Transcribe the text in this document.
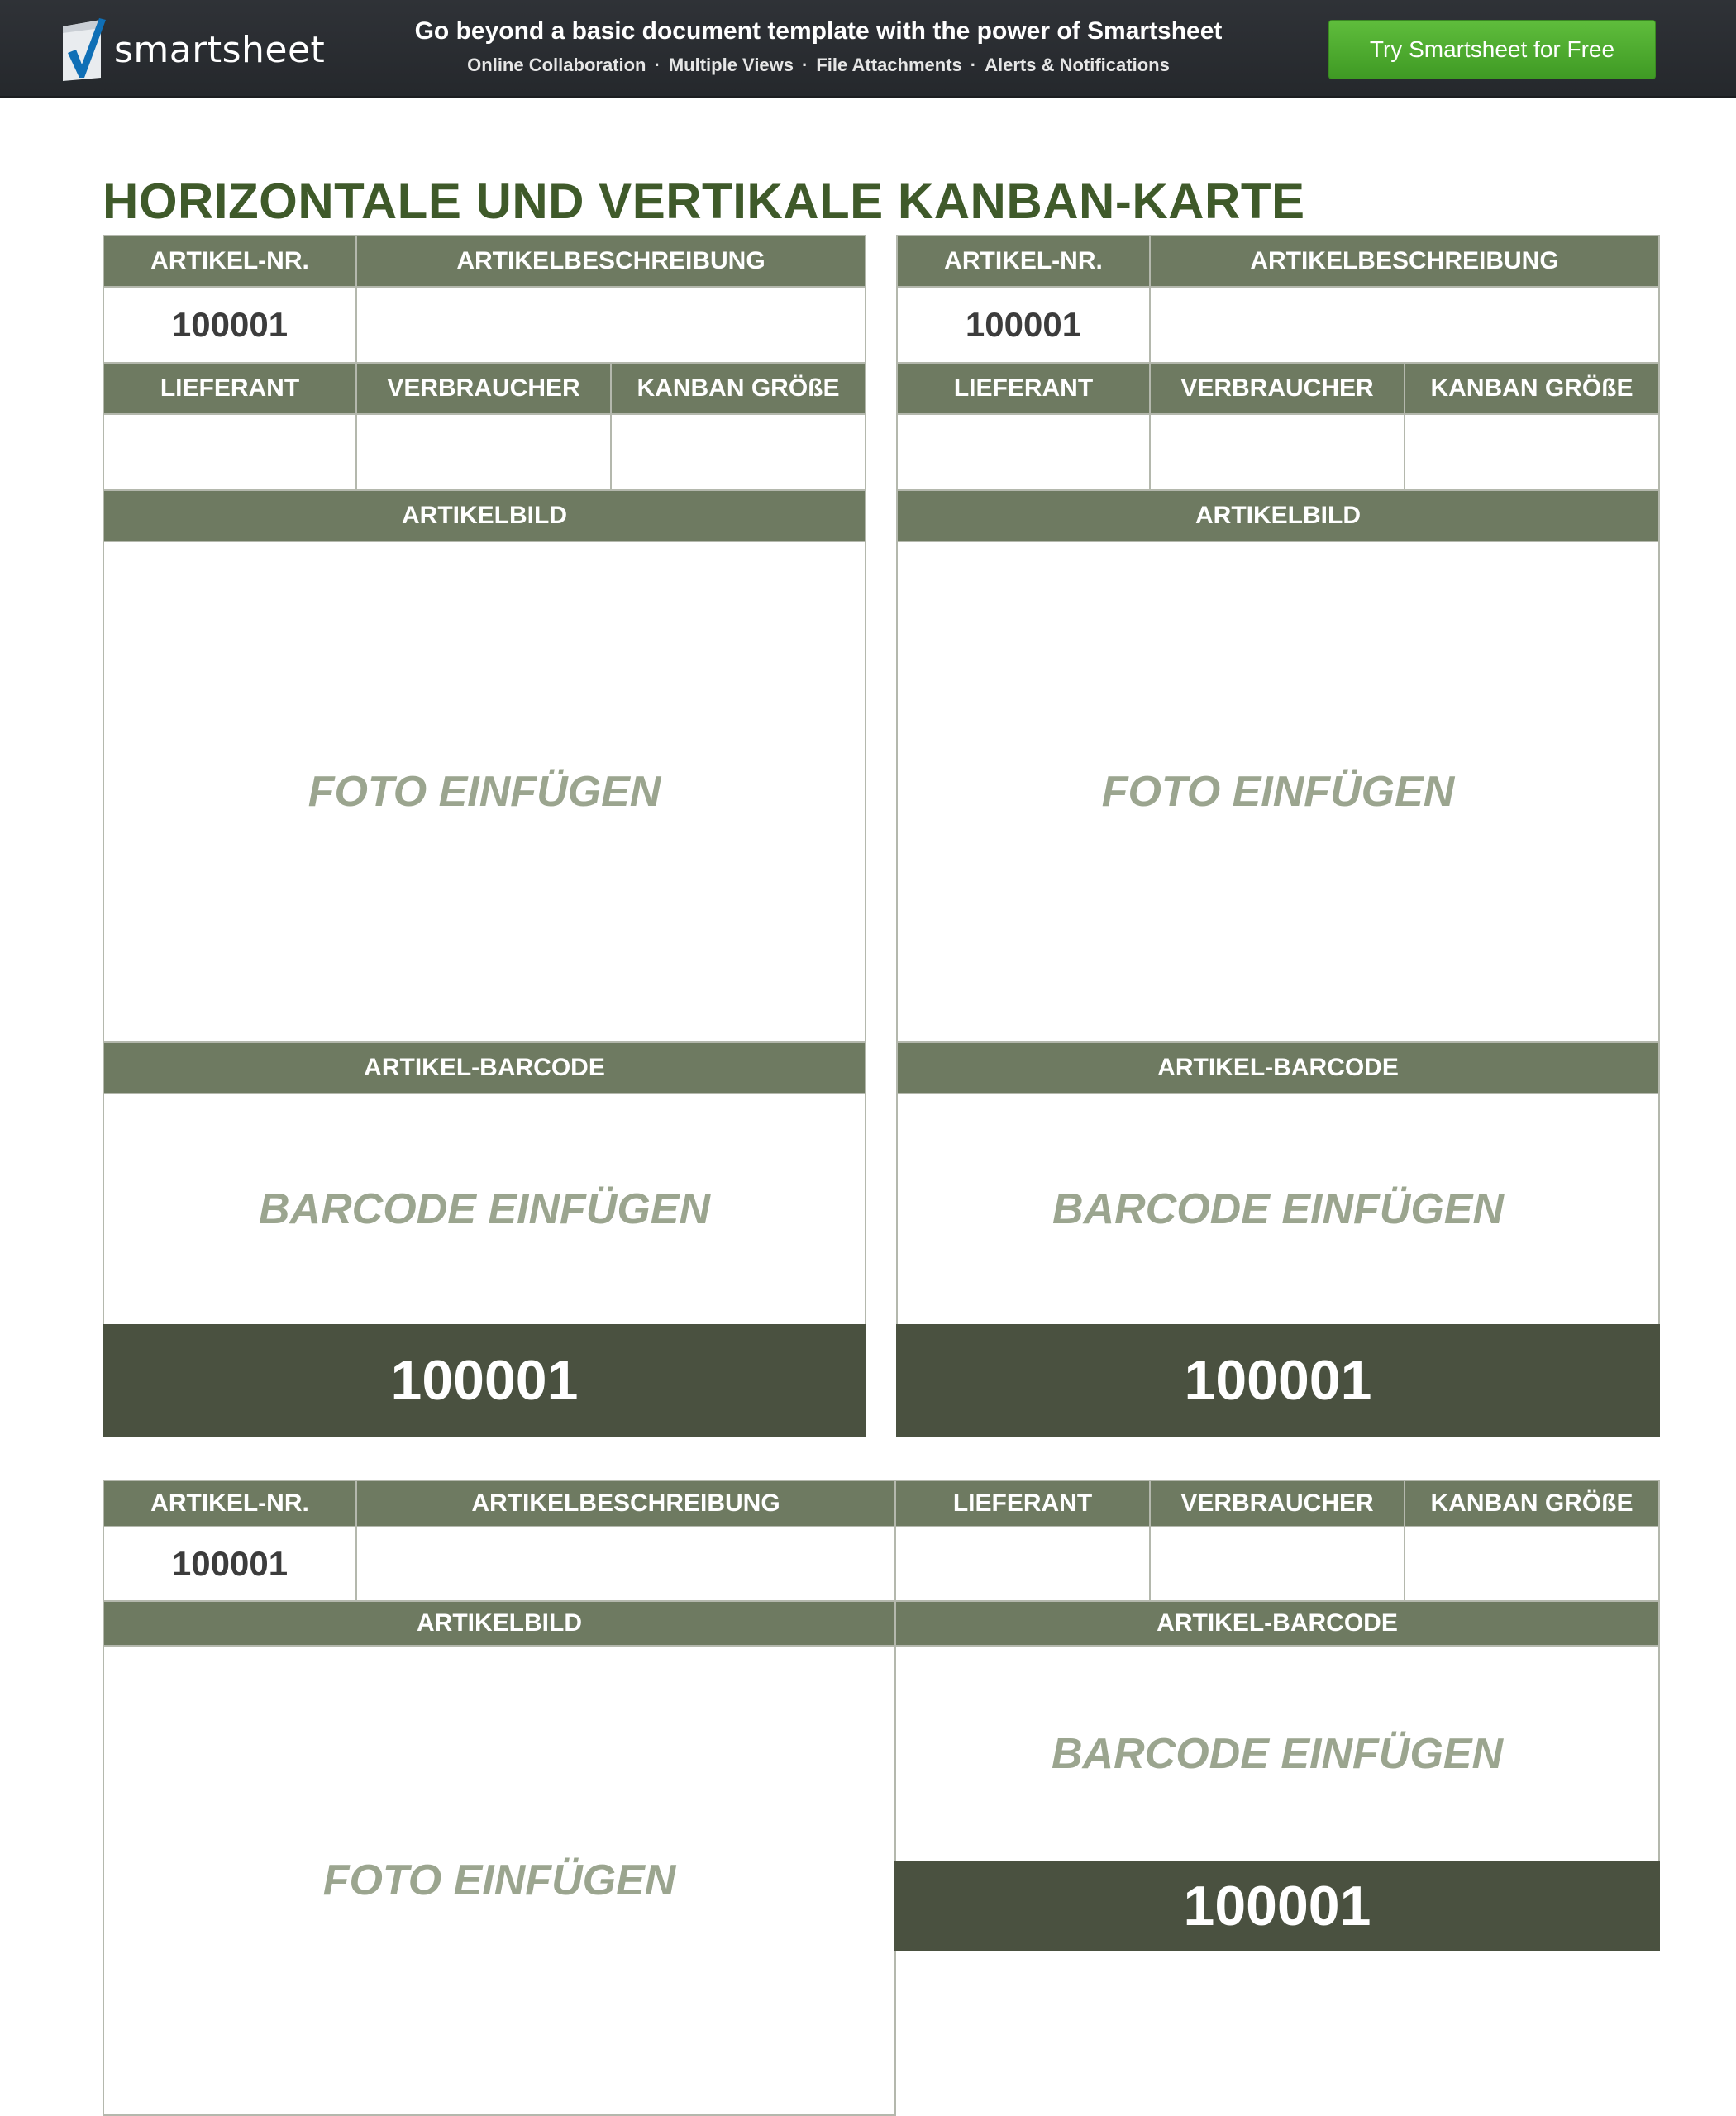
smartsheet	Go beyond a basic document template with the power of Smartsheet
Online Collaboration · Multiple Views · File Attachments · Alerts & Notifications
Try Smartsheet for Free
HORIZONTALE UND VERTIKALE KANBAN-KARTE
ARTIKEL-NR.	ARTIKELBESCHREIBUNG
100001
LIEFERANT	VERBRAUCHER	KANBAN GRÖßE
ARTIKELBILD
FOTO EINFÜGEN
ARTIKEL-BARCODE
BARCODE EINFÜGEN
100001
ARTIKEL-NR.	ARTIKELBESCHREIBUNG
100001
LIEFERANT	VERBRAUCHER	KANBAN GRÖßE
ARTIKELBILD
FOTO EINFÜGEN
ARTIKEL-BARCODE
BARCODE EINFÜGEN
100001
ARTIKEL-NR.	ARTIKELBESCHREIBUNG	LIEFERANT	VERBRAUCHER	KANBAN GRÖßE
100001
ARTIKELBILD	ARTIKEL-BARCODE
FOTO EINFÜGEN
BARCODE EINFÜGEN
100001
